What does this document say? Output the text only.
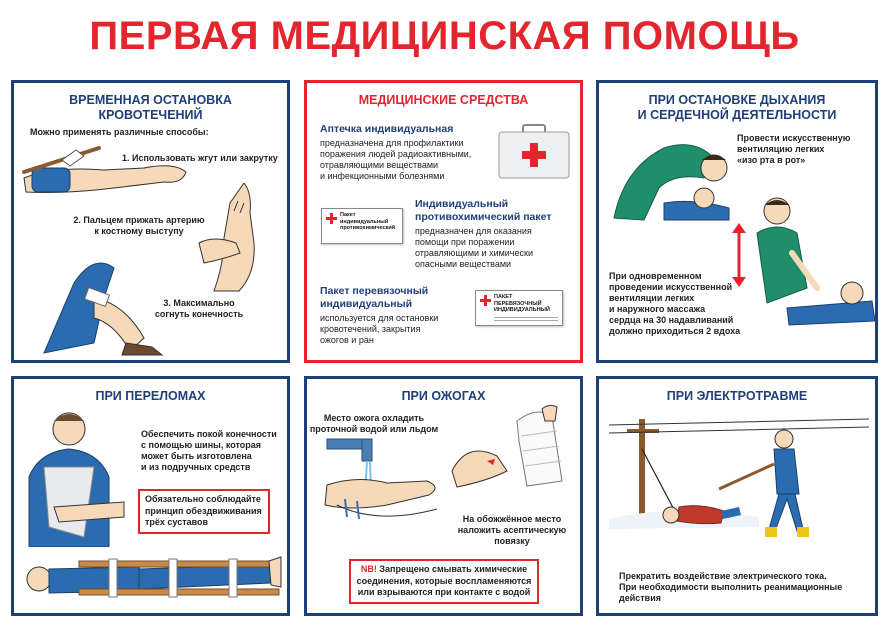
ПЕРВАЯ МЕДИЦИНСКАЯ ПОМОЩЬ
ВРЕМЕННАЯ ОСТАНОВКА
КРОВОТЕЧЕНИЙ
Можно применять различные способы:
1. Использовать жгут или закрутку
2. Пальцем прижать артерию
к костному выступу
3. Максимально
согнуть конечность
МЕДИЦИНСКИЕ СРЕДСТВА
Аптечка индивидуальная
предназначена для профилактики
поражения людей радиоактивными,
отравляющими веществами
и инфекционными болезнями
Пакет
индивидуальный
противохимический
Индивидуальный
противохимический пакет
предназначен для оказания
помощи при поражении
отравляющими и химически
опасными веществами
Пакет перевязочный
индивидуальный
используется для остановки
кровотечений, закрытия
ожогов и ран
ПАКЕТ ПЕРЕВЯЗОЧНЫЙ
ИНДИВИДУАЛЬНЫЙ
ПРИ ОСТАНОВКЕ ДЫХАНИЯ
И СЕРДЕЧНОЙ ДЕЯТЕЛЬНОСТИ
Провести искусственную
вентиляцию легких
«изо рта в рот»
При одновременном
проведении искусственной
вентиляции легких
и наружного массажа
сердца на 30 надавливаний
должно приходиться 2 вдоха
ПРИ ПЕРЕЛОМАХ
Обеспечить покой конечности
с помощью шины, которая
может быть изготовлена
и из подручных средств
Обязательно соблюдайте
принцип обездвиживания
трёх суставов
ПРИ ОЖОГАХ
Место ожога охладить
проточной водой или льдом
На обожжённое место
наложить асептическую
повязку
NB! Запрещено смывать химические
соединения, которые воспламеняются
или взрываются при контакте с водой
ПРИ ЭЛЕКТРОТРАВМЕ
Прекратить воздействие электрического тока.
При необходимости выполнить реанимационные
действия
